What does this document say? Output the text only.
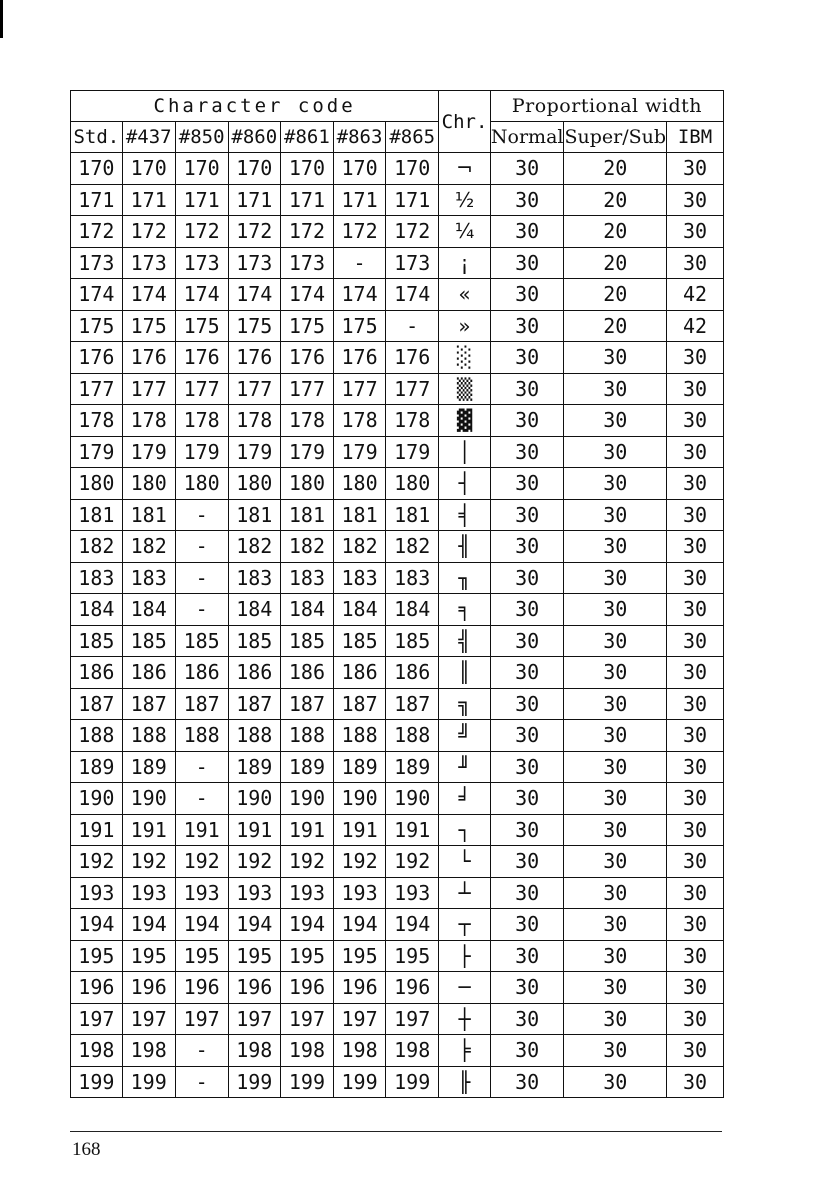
Character code							Chr.	Proportional width		
Std.	#437	#850	#860	#861	#863	#865		Normal	Super/Sub	IBM
170	170	170	170	170	170	170	¬	30	20	30
171	171	171	171	171	171	171	½	30	20	30
172	172	172	172	172	172	172	¼	30	20	30
173	173	173	173	173	-	173	¡	30	20	30
174	174	174	174	174	174	174	«	30	20	42
175	175	175	175	175	175	-	»	30	20	42
176	176	176	176	176	176	176	░	30	30	30
177	177	177	177	177	177	177	▒	30	30	30
178	178	178	178	178	178	178	▓	30	30	30
179	179	179	179	179	179	179	│	30	30	30
180	180	180	180	180	180	180	┤	30	30	30
181	181	-	181	181	181	181	╡	30	30	30
182	182	-	182	182	182	182	╢	30	30	30
183	183	-	183	183	183	183	╖	30	30	30
184	184	-	184	184	184	184	╕	30	30	30
185	185	185	185	185	185	185	╣	30	30	30
186	186	186	186	186	186	186	║	30	30	30
187	187	187	187	187	187	187	╗	30	30	30
188	188	188	188	188	188	188	╝	30	30	30
189	189	-	189	189	189	189	╜	30	30	30
190	190	-	190	190	190	190	╛	30	30	30
191	191	191	191	191	191	191	┐	30	30	30
192	192	192	192	192	192	192	└	30	30	30
193	193	193	193	193	193	193	┴	30	30	30
194	194	194	194	194	194	194	┬	30	30	30
195	195	195	195	195	195	195	├	30	30	30
196	196	196	196	196	196	196	─	30	30	30
197	197	197	197	197	197	197	┼	30	30	30
198	198	-	198	198	198	198	╞	30	30	30
199	199	-	199	199	199	199	╟	30	30	30
168
